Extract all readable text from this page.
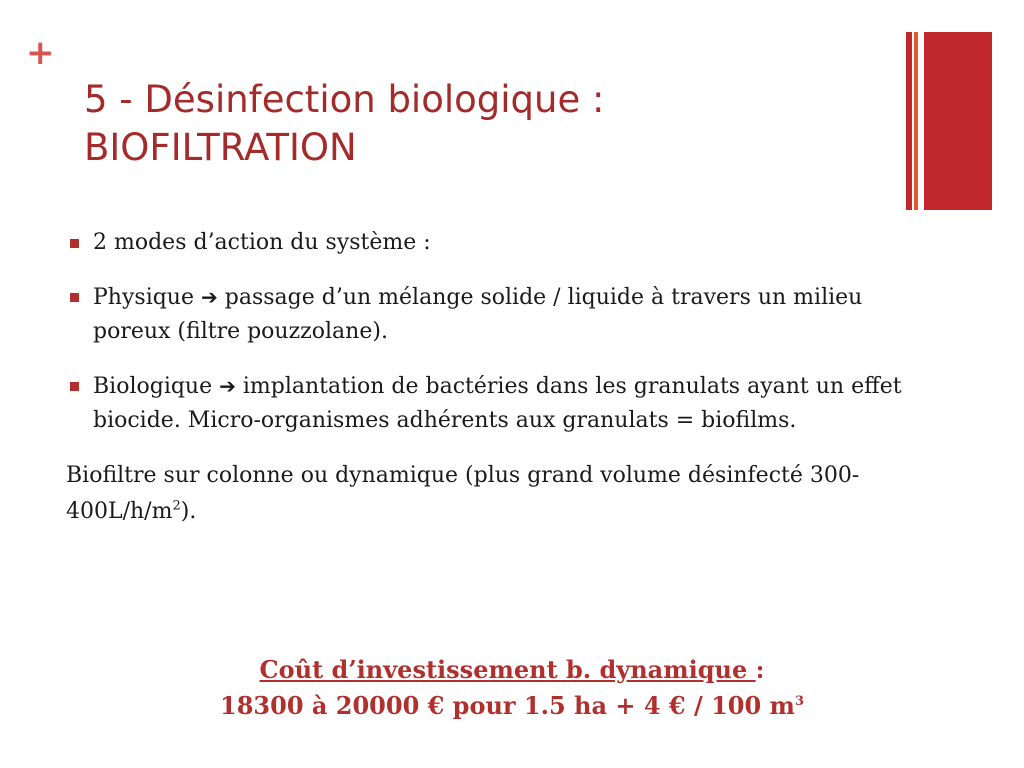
+
5 - Désinfection biologique :
BIOFILTRATION
2 modes d’action du système :
Physique ➔ passage d’un mélange solide / liquide à travers un milieu poreux (filtre pouzzolane).
Biologique ➔ implantation de bactéries dans les granulats ayant un effet biocide. Micro-organismes adhérents aux granulats = biofilms.
Biofiltre sur colonne ou dynamique (plus grand volume désinfecté $300-400L/h/m^2$).
Coût d’investissement b. dynamique :
18300 à 20000 € pour 1.5 ha + 4 € / 100 $m^3$
